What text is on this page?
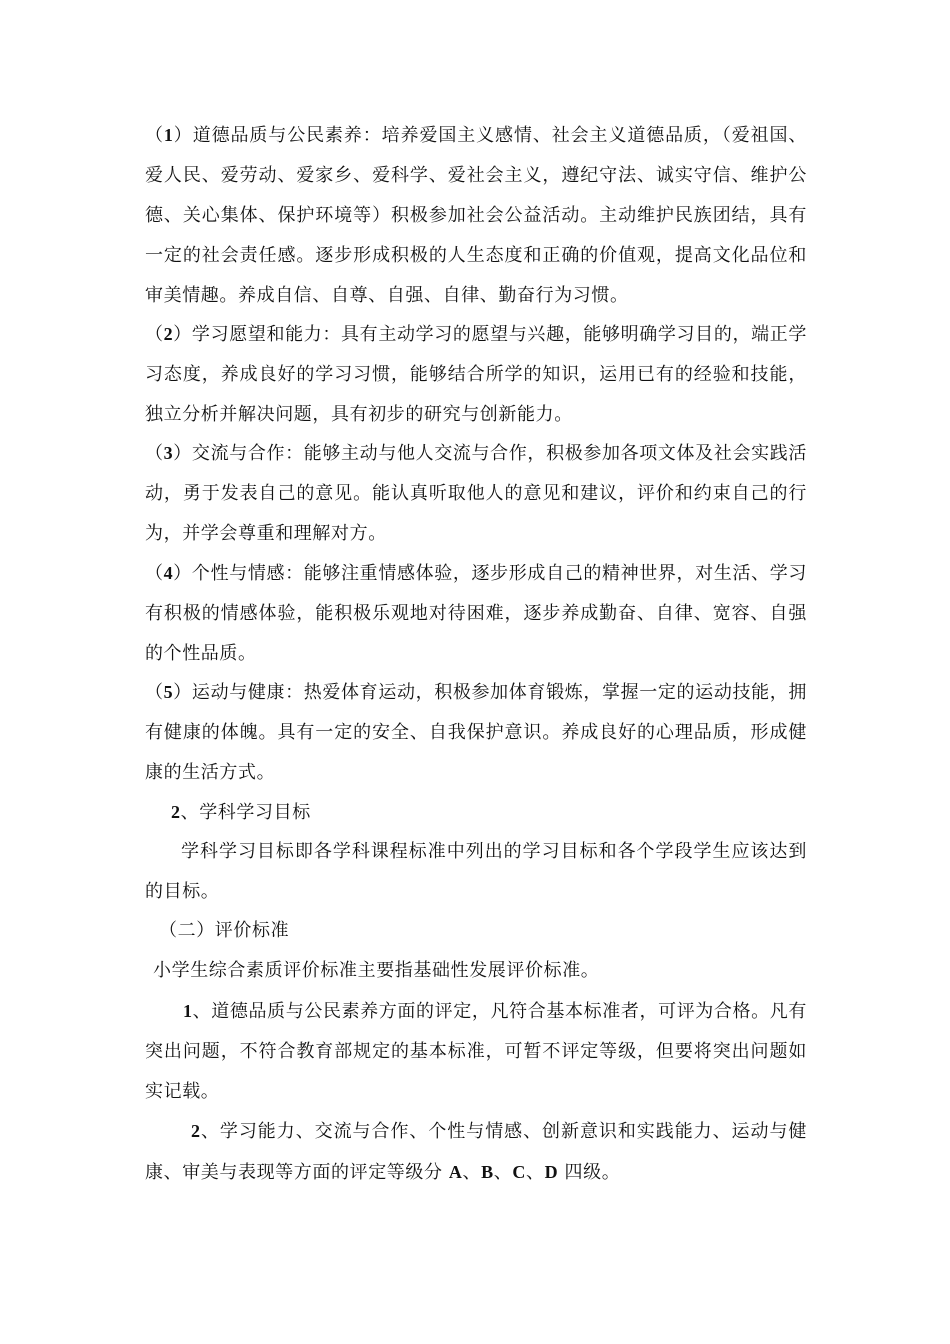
（1）道德品质与公民素养：培养爱国主义感情、社会主义道德品质，（爱祖国、爱人民、爱劳动、爱家乡、爱科学、爱社会主义，遵纪守法、诚实守信、维护公德、关心集体、保护环境等）积极参加社会公益活动。主动维护民族团结，具有一定的社会责任感。逐步形成积极的人生态度和正确的价值观，提高文化品位和审美情趣。养成自信、自尊、自强、自律、勤奋行为习惯。

（2）学习愿望和能力：具有主动学习的愿望与兴趣，能够明确学习目的，端正学习态度，养成良好的学习习惯，能够结合所学的知识，运用已有的经验和技能，独立分析并解决问题，具有初步的研究与创新能力。

（3）交流与合作：能够主动与他人交流与合作，积极参加各项文体及社会实践活动，勇于发表自己的意见。能认真听取他人的意见和建议，评价和约束自己的行为，并学会尊重和理解对方。

（4）个性与情感：能够注重情感体验，逐步形成自己的精神世界，对生活、学习有积极的情感体验，能积极乐观地对待困难，逐步养成勤奋、自律、宽容、自强的个性品质。

（5）运动与健康：热爱体育运动，积极参加体育锻炼，掌握一定的运动技能，拥有健康的体魄。具有一定的安全、自我保护意识。养成良好的心理品质，形成健康的生活方式。

2、学科学习目标

学科学习目标即各学科课程标准中列出的学习目标和各个学段学生应该达到的目标。

（二）评价标准

小学生综合素质评价标准主要指基础性发展评价标准。

1、道德品质与公民素养方面的评定，凡符合基本标准者，可评为合格。凡有突出问题，不符合教育部规定的基本标准，可暂不评定等级，但要将突出问题如实记载。

2、学习能力、交流与合作、个性与情感、创新意识和实践能力、运动与健康、审美与表现等方面的评定等级分 A、B、C、D 四级。
